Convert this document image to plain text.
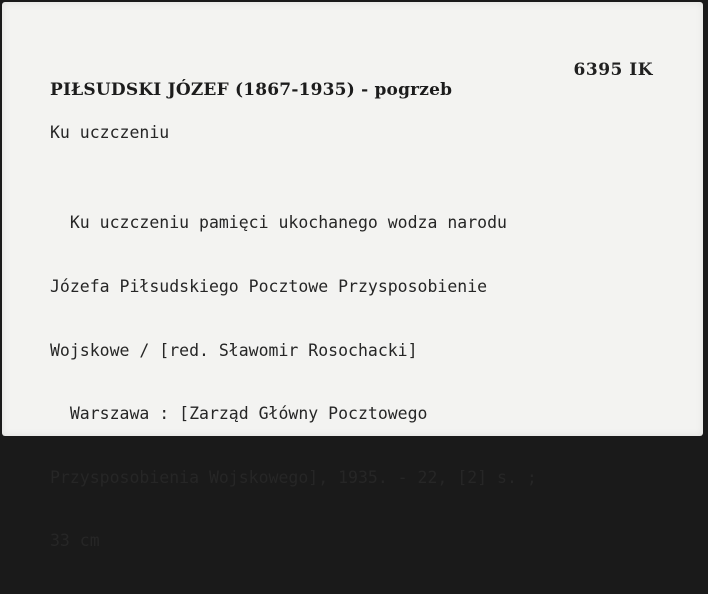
6395 IK
PIŁSUDSKI JÓZEF (1867-1935) - pogrzeb
Ku uczczeniu

Ku uczczeniu pamięci ukochanego wodza narodu

Józefa Piłsudskiego Pocztowe Przysposobienie

Wojskowe / [red. Sławomir Rosochacki]

Warszawa : [Zarząd Główny Pocztowego

Przysposobienia Wojskowego], 1935. - 22, [2] s. ;

33 cm
